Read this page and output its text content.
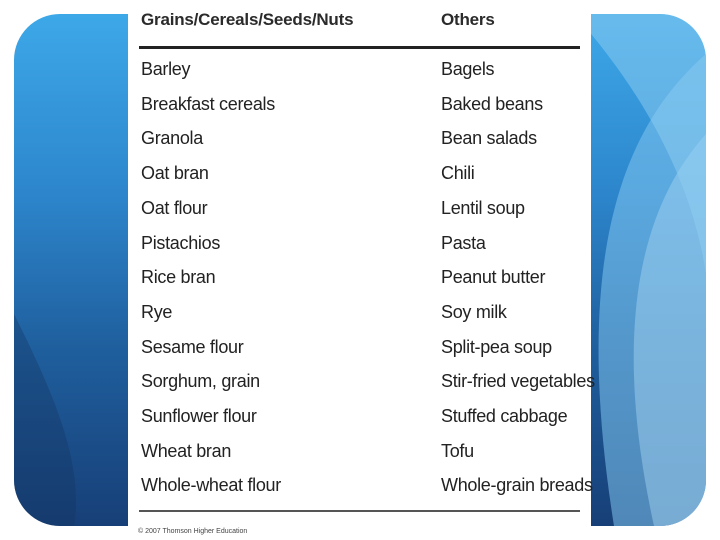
Grains/Cereals/Seeds/Nuts	Others
Barley	Bagels
Breakfast cereals	Baked beans
Granola	Bean salads
Oat bran	Chili
Oat flour	Lentil soup
Pistachios	Pasta
Rice bran	Peanut butter
Rye	Soy milk
Sesame flour	Split-pea soup
Sorghum, grain	Stir-fried vegetables
Sunflower flour	Stuffed cabbage
Wheat bran	Tofu
Whole-wheat flour	Whole-grain breads
© 2007 Thomson Higher Education
